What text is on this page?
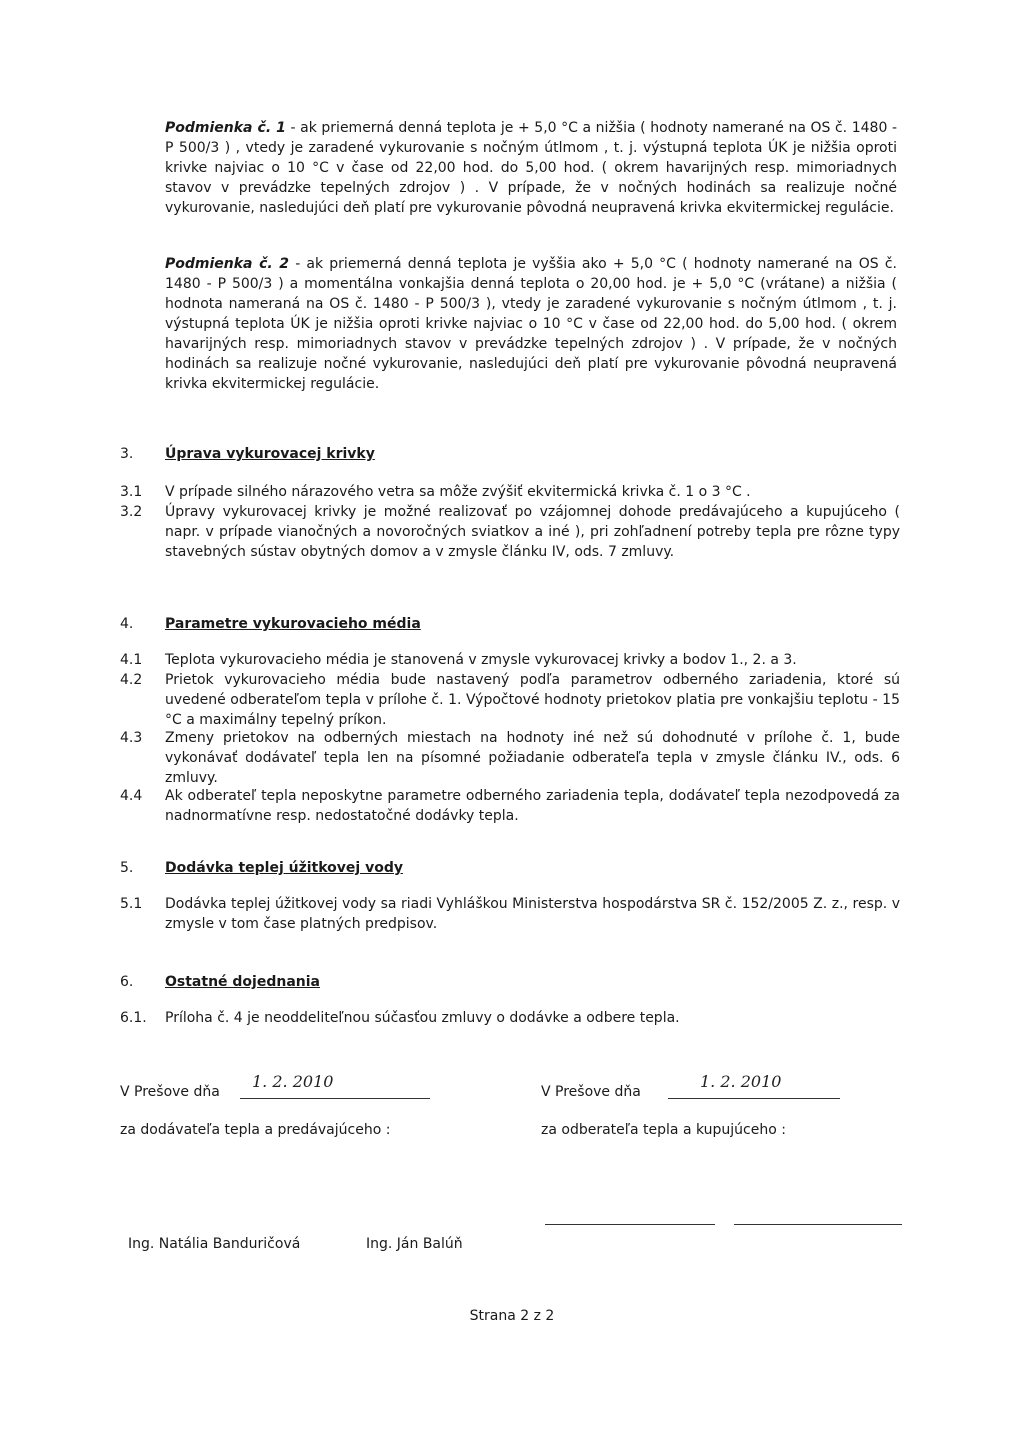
Podmienka č. 1 - ak priemerná denná teplota je + 5,0 °C a nižšia ( hodnoty namerané na OS č. 1480 - P 500/3 ) , vtedy je zaradené vykurovanie s nočným útlmom , t. j. výstupná teplota ÚK je nižšia oproti krivke najviac o 10 °C v čase od 22,00 hod. do 5,00 hod. ( okrem havarijných resp. mimoriadnych stavov v prevádzke tepelných zdrojov ) . V prípade, že v nočných hodinách sa realizuje nočné vykurovanie, nasledujúci deň platí pre vykurovanie pôvodná neupravená krivka ekvitermickej regulácie.
Podmienka č. 2 - ak priemerná denná teplota je vyššia ako + 5,0 °C ( hodnoty namerané na OS č. 1480 - P 500/3 ) a momentálna vonkajšia denná teplota o 20,00 hod. je + 5,0 °C (vrátane) a nižšia ( hodnota nameraná na OS č. 1480 - P 500/3 ), vtedy je zaradené vykurovanie s nočným útlmom , t. j. výstupná teplota ÚK je nižšia oproti krivke najviac o 10 °C v čase od 22,00 hod. do 5,00 hod. ( okrem havarijných resp. mimoriadnych stavov v prevádzke tepelných zdrojov ) . V prípade, že v nočných hodinách sa realizuje nočné vykurovanie, nasledujúci deň platí pre vykurovanie pôvodná neupravená krivka ekvitermickej regulácie.
3. Úprava vykurovacej krivky
3.1 V prípade silného nárazového vetra sa môže zvýšiť ekvitermická krivka č. 1 o 3 °C .
3.2 Úpravy vykurovacej krivky je možné realizovať po vzájomnej dohode predávajúceho a kupujúceho ( napr. v prípade vianočných a novoročných sviatkov a iné ), pri zohľadnení potreby tepla pre rôzne typy stavebných sústav obytných domov a v zmysle článku IV, ods. 7 zmluvy.
4. Parametre vykurovacieho média
4.1 Teplota vykurovacieho média je stanovená v zmysle vykurovacej krivky a bodov 1., 2. a 3.
4.2 Prietok vykurovacieho média bude nastavený podľa parametrov odberného zariadenia, ktoré sú uvedené odberateľom tepla v prílohe č. 1. Výpočtové hodnoty prietokov platia pre vonkajšiu teplotu - 15 °C a maximálny tepelný príkon.
4.3 Zmeny prietokov na odberných miestach na hodnoty iné než sú dohodnuté v prílohe č. 1, bude vykonávať dodávateľ tepla len na písomné požiadanie odberateľa tepla v zmysle článku IV., ods. 6 zmluvy.
4.4 Ak odberateľ tepla neposkytne parametre odberného zariadenia tepla, dodávateľ tepla nezodpovedá za nadnormatívne resp. nedostatočné dodávky tepla.
5. Dodávka teplej úžitkovej vody
5.1 Dodávka teplej úžitkovej vody sa riadi Vyhláškou Ministerstva hospodárstva SR č. 152/2005 Z. z., resp. v zmysle v tom čase platných predpisov.
6. Ostatné dojednania
6.1. Príloha č. 4 je neoddeliteľnou súčasťou zmluvy o dodávke a odbere tepla.
V Prešove dňa
1. 2. 2010
V Prešove dňa
1. 2. 2010
za dodávateľa tepla a predávajúceho :	za odberateľa tepla a kupujúceho :
Ing. Natália Banduričová	Ing. Ján Balúň
Strana 2 z 2
